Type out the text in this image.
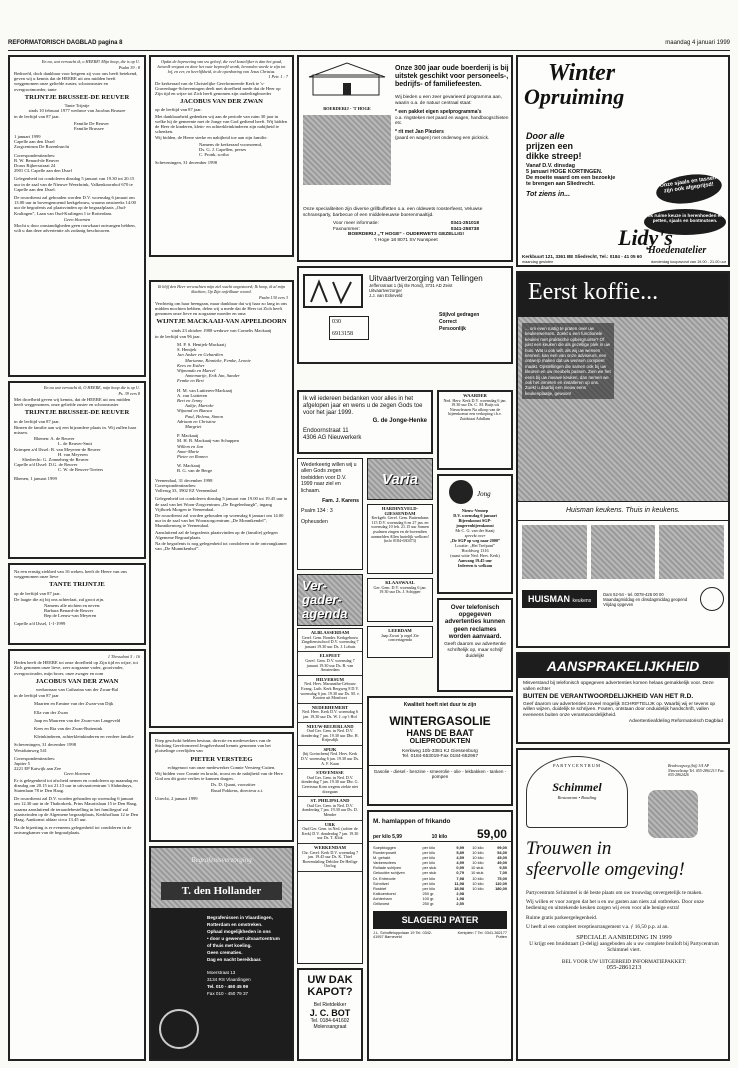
REFORMATORISCH DAGBLAD pagina 8	maandag 4 januari 1999
En nu, wat verwacht ik, o HEERE! Mijn hoop, die is op U.
Psalm 39 : 8
Bedroefd, doch dankbaar voor hetgeen zij voor ons heeft betekend, geven wij u kennis dat de HEERE uit ons midden heeft weggenomen onze geliefde zuster, schoonzuster en overgrootmoeder, tante
TRIJNTJE BRUSSEE-DE REUVER
Tante Trijntje
sinds 10 februari 1977 weduwe van Jacobus Brussee
in de leeftijd van 87 jaar.
Familie De Reuver
Familie Brussee
1 januari 1999
Capelle aan den IJssel
Zorgcentrum De Rozenburcht
Correspondentieadres:
B. W. Benard-de Reuver
Dorus Rijkersstraat 24
2901 CL Capelle aan den IJssel
Gelegenheid tot condoleren dinsdag 5 januari van 19.30 tot 20.15 uur in de zaal van de Nieuwe Weezbrink, Valkenkoornhof 670 te Capelle aan den IJssel.
De rouwdienst zal gehouden worden D.V. woensdag 6 januari om 13.00 uur in bovengenoemd kerkgebouw, waarna omstreeks 14.00 uur de begrafenis zal plaatsvinden op de begraafplaats „Oud-Kralingen”, Laan van Oud-Kralingen 1 te Rotterdam.
Geen bloemen
Mocht u door omstandigheden geen rouwkaart ontvangen hebben, wilt u dan deze advertentie als zodanig beschouwen.
En nu wat verwacht ik, O HEERE, mijn hoop die is op U.
Ps. 39 vers 8
Met droefheid geven wij kennis, dat de HEERE uit ons midden heeft weggenomen, onze geliefde zuster en schoonzuster
TRIJNTJE BRUSSEE-DE REUVER
in de leeftijd van 87 jaar.
Bineen de familie aan wij een bijzondere plaats in. Wij zullen haar missen.
Rhenen: A. de Reuver
L. de Reuver-Smit
Krimpen a/d IJssel: B. van Meyeren-de Reuver
H. van Meyeren
Sliedrecht: G. Zonneberg-de Reuver
Capelle a/d IJssel: D.G. de Reuver
C. W. de Reuver-Toeters
Rhenen, 1 januari 1999
Na een ernstig ziekbed van 16 weken, heeft de Heere van ons weggenomen onze lieve
TANTE TRIJNTJE
op de leeftijd van 87 jaar.
De laagte die zij bij ons achterlaat, zal groot zijn.
Namens alle nichten en neven:
Barbara Benard-de Reuver
Bep de Leeuw-van Meyeren
Capelle a/d IJssel, 1-1-1999
1 Thessaloni 5 : 16
Heden heeft de HEERE tot onze droefheid op Zijn tijd en wijze, tot Zich genomen onze lieve, zeer zorgzame vader, grootvader, overgrootvader, mijn broer, onze zwager en oom
JACOBUS VAN DER ZWAN
weduwnaar van Catharina van der Zwan-Bal
in de leeftijd van 87 jaar
Maarten en Ermine van der Zwan-van Dijk
Ella van der Zwan
Jaap en Maureen van der Zwan-van Langeveld
Kees en Ria van der Zwan-Buttenink
Kleinkinderen, achterkleinkinderen en verdere familie
Scheveningen, 31 december 1998
Westduinweg 541
Correspondentieadres:
Jupiter 5
2221 EP Katwijk aan Zee
Geen bloemen
Er is gelegenheid tot afscheid nemen en condoleren op maandag en dinsdag om 20.15 tot 21.15 uur in uitvaartcentrum 't Slabmhuys, Statenlaan 78 te Den Haag.
De rouwdienst zal D.V. worden gehouden op woensdag 6 januari om 12.30 uur in de Thaborkerk, Prins Mauritslaan 15 te Den Haag, waarna aansluitend de teraardebestelling in het familiegraf zal plaatsvinden op de Algemene begraafplaats, Kerkhoflaan 12 te Den Haag. Aankomst aldaar circa 13.45 uur.
Na de bijzetting is er eveneens gelegenheid tot condoleren in de ontvangkamer van de begraafplaats.
Opdat de beproeving van uw geloof, die veel kostelijker is dan het goud, hetwelk vergaat en door het vuur beproefd wordt, bevonden worde te zijn tot lof, en eer, en heerlijkheid, in de openbaring van Jezus Christus.
1 Petr. 1 : 7
De kerkeraad van de Christelijke Gereformeerde Kerk te 's-Gravenhage-Scheveningen deelt met droefheid mede dat de Heer op Zijn tijd en wijze tot Zich heeft genomen zijn ouderlingbroeder
JACOBUS VAN DER ZWAN
op de leeftijd van 87 jaar.
Met dankbaarheid gedenken wij aan de periode van ruim 30 jaar in welke hij de gemeente met de Jonge van God gediend heeft. Wij bidden de Heer de kinderen, klein- en achterkleinkinderen zijn nabijheid te schenken.
Wij bidden, de Heere sterke en nabijheid toe aan zijn familie.
Namens de kerkeraad voornoemd,
Ds. G. J. Capellen, preses
C. Pronk, scriba
Scheveningen, 31 december 1998
Ik blijf den Heer verwachten mijn ziel wacht ongestoord; Ik hoop, ik al mijn klachten, Op Zijn onfeilbaar woord.
Psalm 130 vers 3
Verdrietig om haar heengaan, maar dankbaar dat wij haar zo lang in ons midden mochten hebben, delen wij u mede dat de Heer tot Zich heeft genomen onze lieve en zorgzame moeder en oma
WIJNTJE MACKAAIJ-VAN APPELDOORN
sinds 23 oktober 1988 weduwe van Cornelis Mackaaij
in de leeftijd van 96 jaar.
M. P. S. Hentjek-Mackaaij
S. Hentjek
Jan Jasker en Gebardien
Marianne, Rinnieke, Femke, Leonie
Kees en Esther
Wijmanda en Marcel
Annemarije, Erik Jan, Sander
Femke en Bert
H. M. van Luttteren-Mackaaij
A. van Luttteren
Bert en Jenny
Aaltje, Marieke
Wijnand en Bianca
Paul, Helena, Simon
Adriaan en Christine
Margriet
P. Mackaaij
M. H. B. Mackaaij-van Schuppen
Willem en Jan
Anne-Marie
Pieter en Romen
W. Mackaaij
B. G. van de Berge
Veenendaal, 31 december 1998
Correspondentieadres:
Vollerug 33, 3902 EZ Veenendaal
Gelegenheid tot condoleren dinsdag 5 januari van 19.00 tot 19.45 uur in de zaal van het Woon-Zorgcentrum „De Engelenburgh”, ingang Vijfhoek Morgen te Veenendaal.
De rouwdienst zal worden gehouden op woensdag 6 januari om 14.00 uur in de zaal van het Woonzorgcentrum „De Monnikendel”, Munnikenweg te Veenendaal.
Aansluitend zal de begrafenis plaatsvinden op de (familie) gelegen Algemene Begraafplaats.
Na de begrafenis is nog gelegenheid tot condoleren in de ontvangkamer van „De Munnikenhof”.
Diep geschokt hebben bestuur, directie en medewerkers van de Stichting Gereformeerd Jeugdverband kennis genomen van het plotselinge overlijden van
PIETER VERSTEEG
echtgenoot van onze medewerker Connie Versteeg-Cuiten.
Wij bidden voor Connie en kracht, troost en de nabijheid van de Here God om dit grote verlies te kunnen dragen.
Ds. D. Quant, voorzitter
Ruud Pokkens, directeur a.i.
Utrecht, 2 januari 1999
Begrafenisverzorging
T. den Hollander
Begrafenissen in Vlaardingen,
Rotterdam en omstreken.
Ophaal mogelijkheden in ons
• door u gewenst uitvaartcentrum
of thuis met koeling.
Geen crematies.
Dag en nacht bereikbaar.
Moerstraat 13
3134 RS Vlaardingen
Tel. 010 - 460 45 99
Fax 010 - 450 79 37
BOERDERIJ - 'T HOGE
Onze 300 jaar oude boerderij is bij uitstek geschikt voor personeels-, bedrijfs- of familiefeesten.
Wij bieden u een zeer gevarieerd programma aan, waarin o.a. de natuur centraal staat:
* een pakket eigen spelprogramma's
o.a. ringsteken met paard en wagen, handboogschieten etc.
* rit met Jan Pleziers
(paard en wagen) met onderweg een picknick.
Onze specialiteiten zijn diverse grillbuffetten o.a. een oldewets roosterfeest, Veluwse schransparty, barbecue of een middeleeuwse boerenmaaltijd.
Voor meer informatie:	0341-251018
Faxnummer:	0341-258738
BOERDERIJ „'T HOGE” - OUDERWETS GEZELLIG!
't Hoge 18 8071 SV Nunspeet
Uitvaartverzorging van Tellingen
Jeffersstraat 1 (bij Ilte Rond), 3731 AD Zeist
Uitvaartverzorger
J.J. van Eckeveld
030
6913158
Stijlvol gedragen
Correct
Persoonlijk
Ik wil iedereen bedanken voor alles in het afgelopen jaar en wens u de zegen Gods toe voor het jaar 1999.
G. de Jonge-Henke
Endoornstraat 11
4306 AG Nieuwerkerk
Wederkeerig willen wij u allen Gods zegen toebidden voor D.V. 1999 naar ziel en lichaam.
Fam. J. Karens
Psalm 134 : 3
Opheusden
Varia
HARDINXVELD-GIESSENDAM
Kerkgeb. Geref. Gem. Buitendams 115 D.V. woensdag 6 en 27 jan. en woensdag 10 feb. 21.15 uur Samen psalmen zingen en de bovendien aanmelden Allen hartelijk welkom! (info 0184-630473)
Ver-gader-agenda
ALBLASSERDAM
Geref. Gem. Bonder. Kerkgebouw Zingdienstschool D.V. woensdag 7 januari 19.30 uur Ds. J. Lohuis
ELSPEET
Geref. Gem. D.V. woensdag 7 januari 19.30 uur Ds. B. van Amsterdam
HILVERSUM
Ned. Herv. Maranatha-Gebouw Evang. Luth. Kerk Bergweg 8 D.V. woensdag 6 jan. 19.30 uur Ds. M. v. Kooten uit Monfoort
NEDERHEMERT
Ned. Herv. Kerk D.V. woensdag 6 jan. 19.30 uur Ds. W. J. op 't Hof
NIEUW-BEIJERLAND
Oud Ger. Gem. in Ned. D.V. donderdag 7 jan. 19.30 uur Dhr. H. Krijnsdijk
SPIJK
(bij Gorinchem) Ned. Herv. Kerk D.V. woensdag 6 jan. 19.30 uur Ds. A. F. Kaan
STAVENISSE
Oud Ger. Gem. in Ned. D.V. donderdag 7 jan. 19.30 uur Dhr. G. Geertsma Kom wegens ziekte niet doorgaan
ST. PHILIPSLAND
Oud Ger. Gem. in Ned. D.V. donderdag 7 jan. 19.30 uur Ds. D. Mendre
URK
Oud Ger. Gem. in Ned. (achter de Kerk) D.V. donderdag 7 jan. 19.30 uur Ds. T. Klok
WERKENDAM
Chr. Geref. Kerk D.V. woensdag 7 jan. 19.45 uur Ds. K. Thiel Boerendaling Debiloe De Heilige Oorlog
UW DAK
KAPOT?
Bel Rietdekker
J. C. BOT
Tel. 0184-641602
Molensangraat
WAARDER
Ned. Herv. Kerk D.V. woensdag 6 jan. 19.30 uur Ds. C. M. Buijs uit Nieuwleusen Na afloop van de bijeenkomst een verkoping t.b.v. Zuidstaat Adullam
Jong
Nieuw-Vennep
D.V. woensdag 6 januari
Bijeenkomst SGP-jongerenbijeenkomst
Mr C. G. van der Staaij
spreekt over
„De SGP op weg naar 2000”
Locatie: „Het Trefpunt”
Hoofdweg 1316
(naast witte Ned. Herv. Kerk)
Aanvang 19.45 uur
Iedereen is welkom
KLAASWAAL
Ger. Gem. D.V. woensdag 6 jan. 19.30 uur Ds. J. Schipper
LEERDAM
Jaap Zwart 'p orgel Zie concertagenda
Over telefonisch opgegeven advertenties kunnen geen reclames worden aanvaard.
Geeft daarom uw advertentie schriftelijk op, maar schrijf duidelijk!
Kwaliteit hoeft niet duur te zijn
WINTERGASOLIE
HANS DE BAAT
OLIEPRODUKTEN
Kerkweg 10b-3381 KJ Giessenburg
Tel. 0184-653019-Fax 0184-652967
Gasolie - diesel - benzine - smeerolie - olie - lekbakken - tanken - pompen
M. hamlappen of frikando
per kilo 5,99	10 kilo 59,00
Soepbloggen	per kilo	9,99	10 kilo	99,00
Runderposeit	per kilo	5,89	10 kilo	54,00
M. gehakt	per kilo	4,59	10 kilo	45,00
Varkensvlees	per kilo	4,99	10 kilo	49,00
Rollade schijven	per stuk	0,99	10 stuk	9,50
Gekookte schijven	per stuk	0,79	10 stuk	7,00
Dr. Entrecote	per kilo	7,98	10 kilo	75,00
Schnitzel	per kilo	11,98	10 kilo	110,00
Rosbief	per kilo	18,98	10 kilo	180,00
Kalkoenborst	250 gr.	2,98
Achterham	100 gr.	1,98
Grillworst	250 gr.	2,50
SLAGERIJ PATER
J.L. Schuffeloppvlaan 19 Tel. 0342-41957 Barneveld
Kerkplein 7 Tel. 0341-362177 Putten
Winter
Opruiming
Door alle
prijzen een
dikke streep!
Vanaf D.V. dinsdag
5 januari HOGE KORTINGEN.
De moeite waard om een bezoekje
te brengen aan Sliedrecht.
Tot ziens in...
Onze sjaals en tassen zijn ook afgeprijsd!
Ook ruime keuze in herenhoeden en -petten, sjaals en bontmutsen.
Lidy's
Hoedenatelier
Kerkbuurt 121, 3361 BE Sliedrecht, Tel.: 0184 - 41 05 60
maandag gesloten	donderdag koopavond van 19.00 - 21.00 uur
Eerst koffie...
... om even rustig te praten over uw keukenwensen. Zoekt u een functionele keuken met praktische opbergruimte? Of juist een keuken die als gezellige plek in uw huis. Wat u ook wilt, als wij uw wensen kennen, kan een van onze adviseurs, een ontwerp maken dat uw wensen compleet maakt. Opstellingen die samen ook bij uw kleuren en uw meubels passen. Zien we het eens bij uw nieuwe keuken, dan nemen we ook het inmeten en installeren op ons. Zoekt u daarbij een nieuw eens keukenplaatje, gewoon!
Huisman keukens. Thuis in keukens.
HUISMAN keukens
Dam 52-54 - tel. 0078-426 00 00 Maandagmiddag en dinsdagmiddag geopend Vrijdag opgeven
AANSPRAKELIJKHEID
Misverstand bij telefonisch opgegeven advertenties komen helaas gemakkelijk voor. Deze vallen echter
BUITEN DE VERANTWOORDELIJKHEID VAN HET R.D.
Geef daarom uw advertenties zoveel mogelijk SCHRIFTELIJK op. Waarbij wij er tevens op willen wijzen, duidelijk te schrijven. Fouten, ontstaan door onduidelijk handschrift, vallen eveneens buiten onze verantwoordelijkheid.
Advertentieafdeling Reformatorisch Dagblad
PARTYCENTRUM
Schimmel
Restaurant • Bonding
Bredewegweg (bij) 3/4 AP Nieuwelsstsp Tel. 055-2861213 Fax. 055-2862426
Trouwen in
sfeervolle omgeving!
Partycentrum Schimmel is dé beste plaats om uw trouwdag onvergetelijk te maken.
Wij willen er voor zorgen dat het u en uw gasten aan niets zal ontbreken. Door onze bediening en uitstekende keuken zorgen wij even voor alle benige extra!
Ruime gratis parkeergelegenheid.
U heeft al een compleet receptiearrangement v.a. ƒ 16,50 p.p. al an.
SPECIALE AANBIEDING IN 1999
U krijgt een bruidstaart (3-delig) aangeboden als u uw complete bruiloft bij Partycentrum Schimmel viert.
BEL VOOR UW UITGEBREID INFORMATIEPAKKET:
055-2861213
